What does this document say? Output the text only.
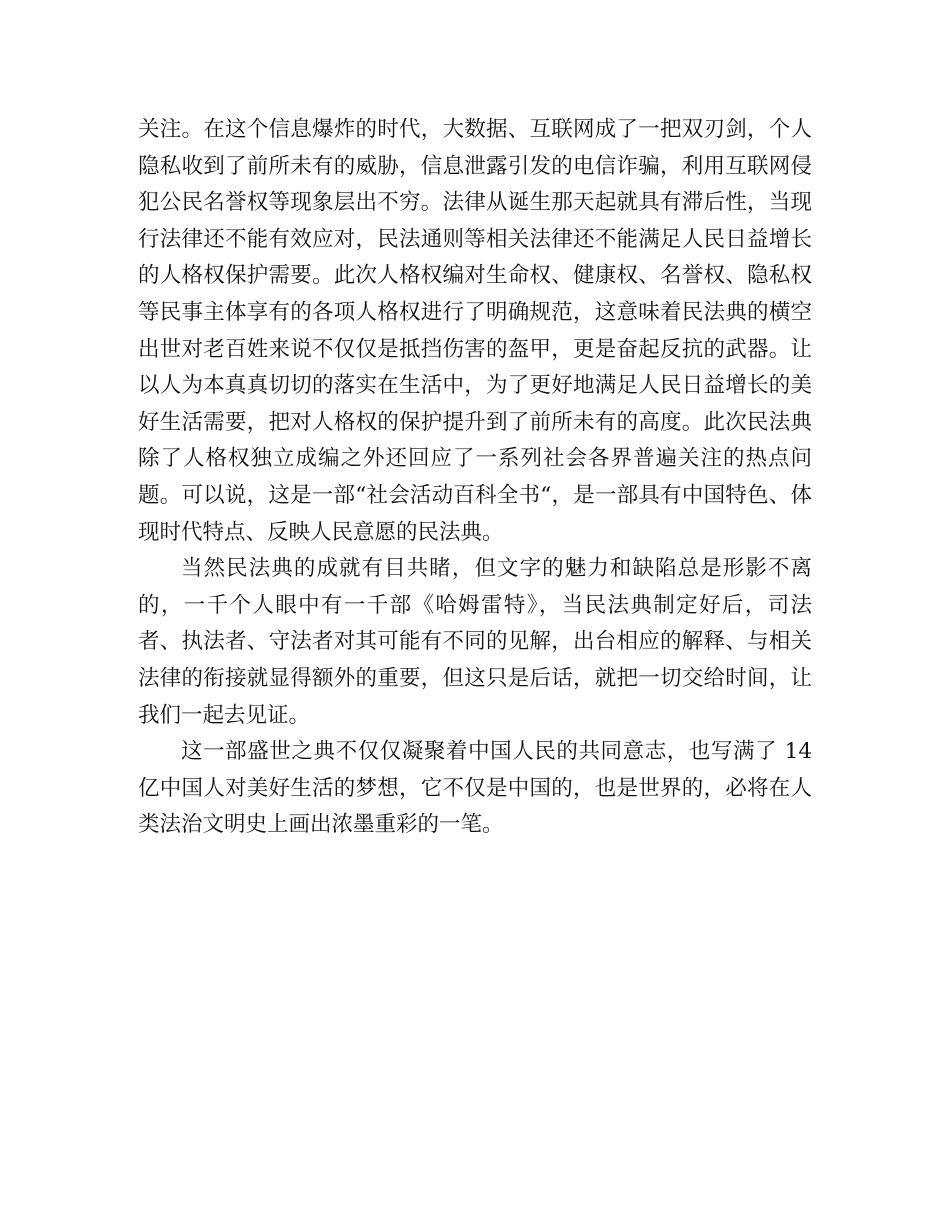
关注。在这个信息爆炸的时代，大数据、互联网成了一把双刃剑，个人隐私收到了前所未有的威胁，信息泄露引发的电信诈骗，利用互联网侵犯公民名誉权等现象层出不穷。法律从诞生那天起就具有滞后性，当现行法律还不能有效应对，民法通则等相关法律还不能满足人民日益增长的人格权保护需要。此次人格权编对生命权、健康权、名誉权、隐私权等民事主体享有的各项人格权进行了明确规范，这意味着民法典的横空出世对老百姓来说不仅仅是抵挡伤害的盔甲，更是奋起反抗的武器。让以人为本真真切切的落实在生活中，为了更好地满足人民日益增长的美好生活需要，把对人格权的保护提升到了前所未有的高度。此次民法典除了人格权独立成编之外还回应了一系列社会各界普遍关注的热点问题。可以说，这是一部“社会活动百科全书“，是一部具有中国特色、体现时代特点、反映人民意愿的民法典。

当然民法典的成就有目共睹，但文字的魅力和缺陷总是形影不离的，一千个人眼中有一千部《哈姆雷特》，当民法典制定好后，司法者、执法者、守法者对其可能有不同的见解，出台相应的解释、与相关法律的衔接就显得额外的重要，但这只是后话，就把一切交给时间，让我们一起去见证。

这一部盛世之典不仅仅凝聚着中国人民的共同意志，也写满了 14 亿中国人对美好生活的梦想，它不仅是中国的，也是世界的，必将在人类法治文明史上画出浓墨重彩的一笔。
